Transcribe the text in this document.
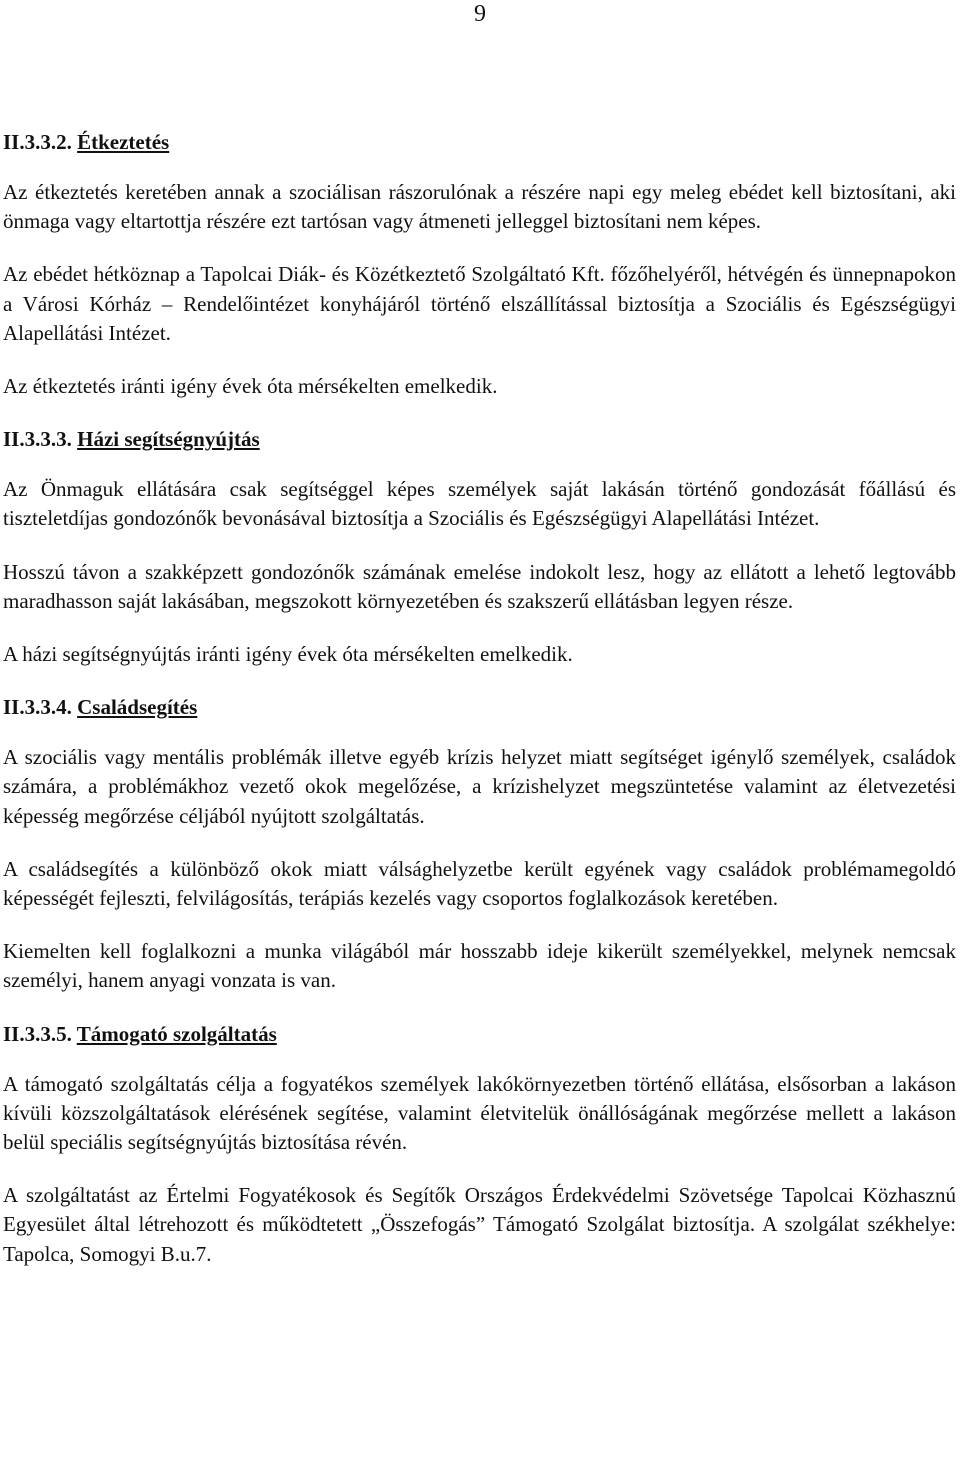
9
II.3.3.2. Étkeztetés

Az étkeztetés keretében annak a szociálisan rászorulónak a részére napi egy meleg ebédet kell biztosítani, aki önmaga vagy eltartottja részére ezt tartósan vagy átmeneti jelleggel biztosítani nem képes.

Az ebédet hétköznap a Tapolcai Diák- és Közétkeztető Szolgáltató Kft. főzőhelyéről, hétvégén és ünnepnapokon a Városi Kórház – Rendelőintézet konyhájáról történő elszállítással biztosítja a Szociális és Egészségügyi Alapellátási Intézet.

Az étkeztetés iránti igény évek óta mérsékelten emelkedik.

II.3.3.3. Házi segítségnyújtás

Az Önmaguk ellátására csak segítséggel képes személyek saját lakásán történő gondozását főállású és tiszteletdíjas gondozónők bevonásával biztosítja a Szociális és Egészségügyi Alapellátási Intézet.

Hosszú távon a szakképzett gondozónők számának emelése indokolt lesz, hogy az ellátott a lehető legtovább maradhasson saját lakásában, megszokott környezetében és szakszerű ellátásban legyen része.

A házi segítségnyújtás iránti igény évek óta mérsékelten emelkedik.

II.3.3.4. Családsegítés

A szociális vagy mentális problémák illetve egyéb krízis helyzet miatt segítséget igénylő személyek, családok számára, a problémákhoz vezető okok megelőzése, a krízishelyzet megszüntetése valamint az életvezetési képesség megőrzése céljából nyújtott szolgáltatás.

A családsegítés a különböző okok miatt válsághelyzetbe került egyének vagy családok problémamegoldó képességét fejleszti, felvilágosítás, terápiás kezelés vagy csoportos foglalkozások keretében.

Kiemelten kell foglalkozni a munka világából már hosszabb ideje kikerült személyekkel, melynek nemcsak személyi, hanem anyagi vonzata is van.

II.3.3.5. Támogató szolgáltatás

A támogató szolgáltatás célja a fogyatékos személyek lakókörnyezetben történő ellátása, elsősorban a lakáson kívüli közszolgáltatások elérésének segítése, valamint életvitelük önállóságának megőrzése mellett a lakáson belül speciális segítségnyújtás biztosítása révén.

A szolgáltatást az Értelmi Fogyatékosok és Segítők Országos Érdekvédelmi Szövetsége Tapolcai Közhasznú Egyesület által létrehozott és működtetett „Összefogás” Támogató Szolgálat biztosítja. A szolgálat székhelye: Tapolca, Somogyi B.u.7.
